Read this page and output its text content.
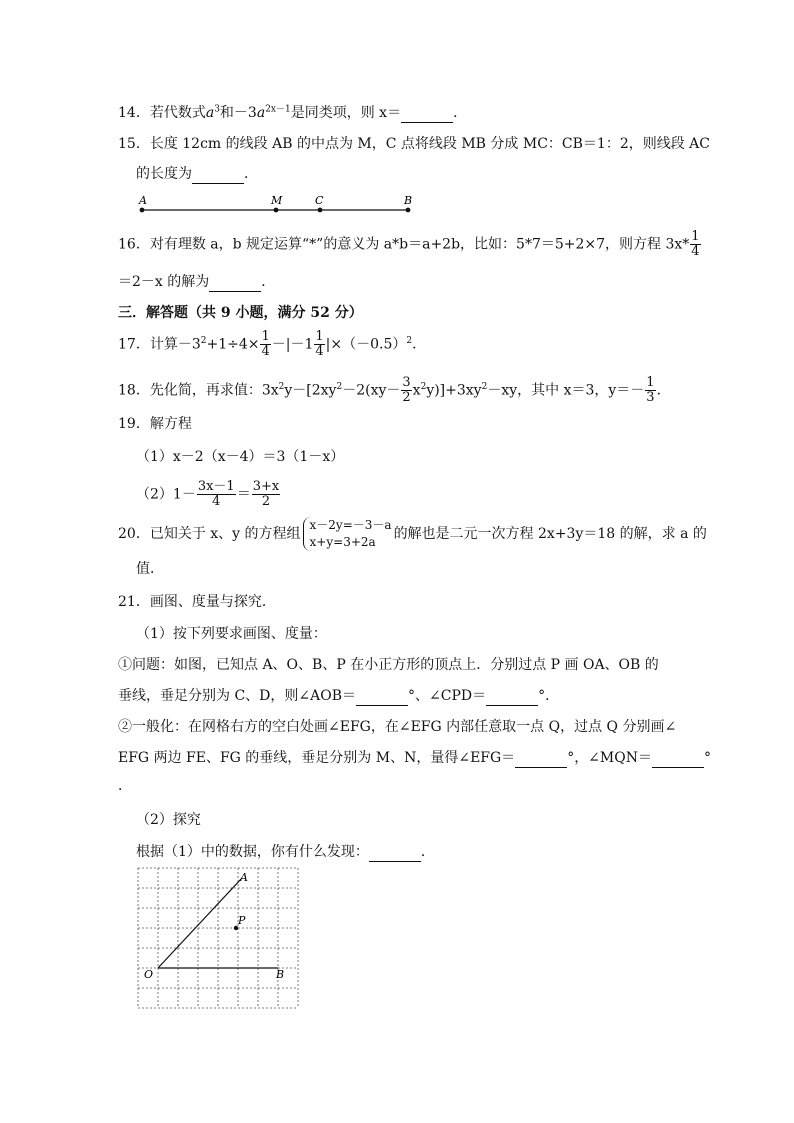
14．若代数式$a^3$和$-3a^{2x-1}$是同类项，则 x＝	．
15．长度 12cm 的线段 AB 的中点为 M，C 点将线段 MB 分成 MC：CB＝1：2，则线段 AC
的长度为	．
A	M	C	B
16．对有理数 a，b 规定运算“*”的意义为 a*b＝a+2b，比如：5*7＝5+2×7，则方程 $3x* \frac{1}{4}$
＝2－x 的解为	．
三．解答题（共 9 小题，满分 52 分）
17．计算$-3^2+1\div 4\times \frac{1}{4} -|-1 \frac{1}{4} |\times(-0.5)^2$．
18．先化简，再求值：$3x^2y-[2xy^2-2(xy- \frac{3}{2} x^2y)]+3xy^2-xy$，其中 x＝3，$y=- \frac{1}{3}$ ．
19．解方程
（1）x－2（x－4）＝3（1－x）
$(2)1- \frac{3x-1}{4} = \frac{3+x}{2}$
20．已知关于 x、y 的方程组
x－2y=－3－a
x+y=3+2a	的解也是二元一次方程 2x+3y＝18 的解，求 a 的
值．
21．画图、度量与探究．
（1）按下列要求画图、度量：
①问题：如图，已知点 A、O、B、P 在小正方形的顶点上．分别过点 P 画 OA、OB 的
垂线，垂足分别为 C、D，则∠AOB＝	°、∠CPD＝	°．
②一般化：在网格右方的空白处画∠EFG，在∠EFG 内部任意取一点 Q，过点 Q 分别画∠
EFG 两边 FE、FG 的垂线，垂足分别为 M、N，量得∠EFG＝	°，∠MQN＝	°
．
（2）探究
根据（1）中的数据，你有什么发现：	．
A
P
O	B
